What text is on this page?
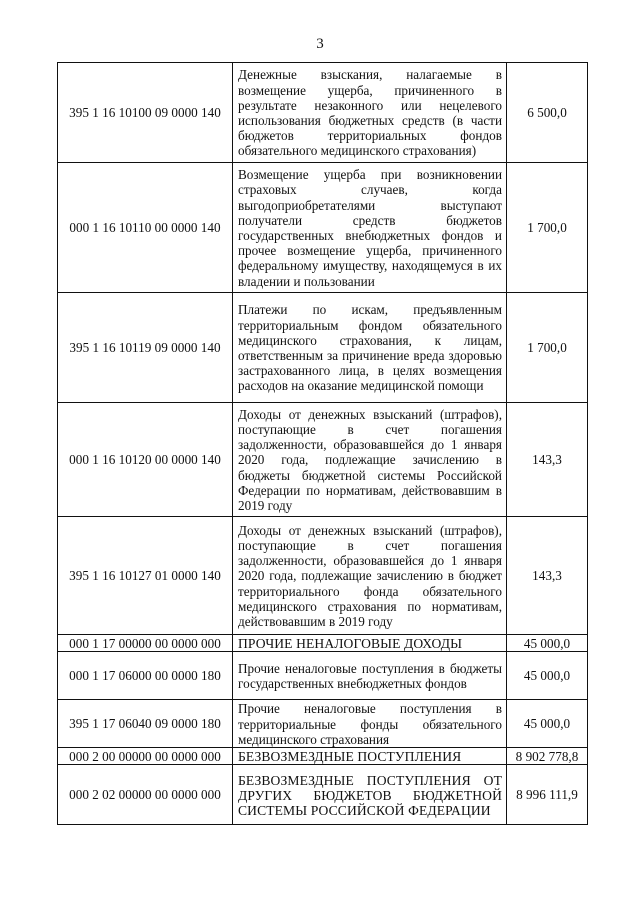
3
395 1 16 10100 09 0000 140	Денежные взыскания, налагаемые в возмещение ущерба, причиненного в результате незаконного или нецелевого использования бюджетных средств (в части бюджетов территориальных фондов обязательного медицинского страхования)	6 500,0
000 1 16 10110 00 0000 140	Возмещение ущерба при возникновении страховых случаев, когда выгодоприобретателями выступают получатели средств бюджетов государственных внебюджетных фондов и прочее возмещение ущерба, причиненного федеральному имуществу, находящемуся в их владении и пользовании	1 700,0
395 1 16 10119 09 0000 140	Платежи по искам, предъявленным территориальным фондом обязательного медицинского страхования, к лицам, ответственным за причинение вреда здоровью застрахованного лица, в целях возмещения расходов на оказание медицинской помощи	1 700,0
000 1 16 10120 00 0000 140	Доходы от денежных взысканий (штрафов), поступающие в счет погашения задолженности, образовавшейся до 1 января 2020 года, подлежащие зачислению в бюджеты бюджетной системы Российской Федерации по нормативам, действовавшим в 2019 году	143,3
395 1 16 10127 01 0000 140	Доходы от денежных взысканий (штрафов), поступающие в счет погашения задолженности, образовавшейся до 1 января 2020 года, подлежащие зачислению в бюджет территориального фонда обязательного медицинского страхования по нормативам, действовавшим в 2019 году	143,3
000 1 17 00000 00 0000 000	ПРОЧИЕ НЕНАЛОГОВЫЕ ДОХОДЫ	45 000,0
000 1 17 06000 00 0000 180	Прочие неналоговые поступления в бюджеты государственных внебюджетных фондов	45 000,0
395 1 17 06040 09 0000 180	Прочие неналоговые поступления в территориальные фонды обязательного медицинского страхования	45 000,0
000 2 00 00000 00 0000 000	БЕЗВОЗМЕЗДНЫЕ ПОСТУПЛЕНИЯ	8 902 778,8
000 2 02 00000 00 0000 000	БЕЗВОЗМЕЗДНЫЕ ПОСТУПЛЕНИЯ ОТ ДРУГИХ БЮДЖЕТОВ БЮДЖЕТНОЙ СИСТЕМЫ РОССИЙСКОЙ ФЕДЕРАЦИИ	8 996 111,9
